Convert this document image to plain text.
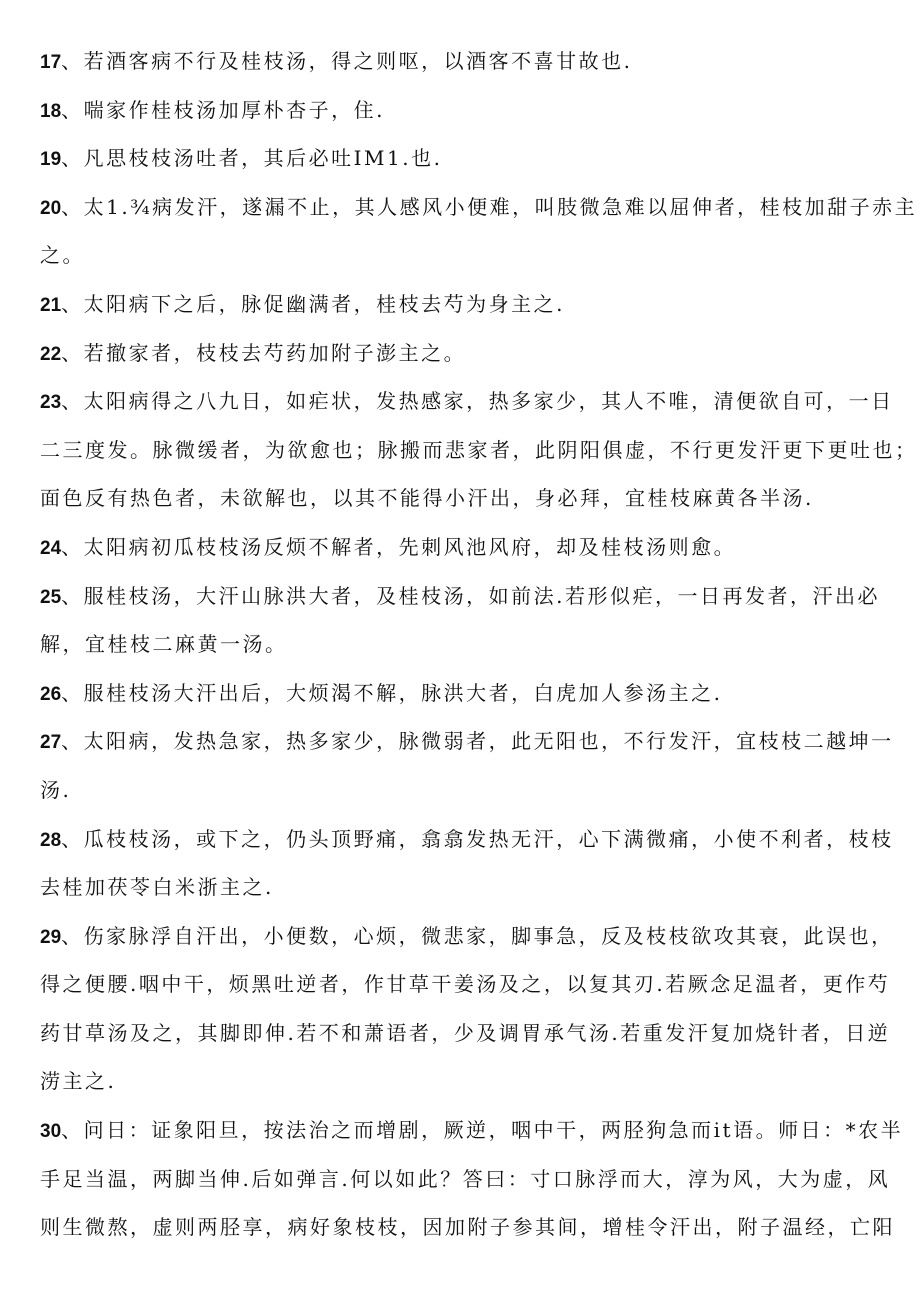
17、若酒客病不行及桂枝汤，得之则呕，以酒客不喜甘故也.
18、喘家作桂枝汤加厚朴杏子，住.
19、凡思枝枝汤吐者，其后必吐IM1.也.
20、太1.¾病发汗，遂漏不止，其人感风小便难，叫肢微急难以屈伸者，桂枝加甜子赤主
之。
21、太阳病下之后，脉促幽满者，桂枝去芍为身主之.
22、若撤家者，枝枝去芍药加附子澎主之。
23、太阳病得之八九日，如疟状，发热感家，热多家少，其人不唯，清便欲自可，一日
二三度发。脉微缓者，为欲愈也；脉搬而悲家者，此阴阳俱虚，不行更发汗更下更吐也；
面色反有热色者，未欲解也，以其不能得小汗出，身必拜，宜桂枝麻黄各半汤.
24、太阳病初瓜枝枝汤反烦不解者，先刺风池风府，却及桂枝汤则愈。
25、服桂枝汤，大汗山脉洪大者，及桂枝汤，如前法.若形似疟，一日再发者，汗出必
解，宜桂枝二麻黄一汤。
26、服桂枝汤大汗出后，大烦渴不解，脉洪大者，白虎加人参汤主之.
27、太阳病，发热急家，热多家少，脉微弱者，此无阳也，不行发汗，宜枝枝二越坤一
汤.
28、瓜枝枝汤，或下之，仍头顶野痛，翕翕发热无汗，心下满微痛，小使不利者，枝枝
去桂加茯苓白米浙主之.
29、伤家脉浮自汗出，小便数，心烦，微悲家，脚事急，反及枝枝欲攻其衰，此误也，
得之便腰.咽中干，烦黑吐逆者，作甘草干姜汤及之，以复其刃.若厥念足温者，更作芍
药甘草汤及之，其脚即伸.若不和萧语者，少及调胃承气汤.若重发汗复加烧针者，日逆
涝主之.
30、问日：证象阳旦，按法治之而增剧，厥逆，咽中干，两胫狗急而it语。师日：*农半
手足当温，两脚当伸.后如弹言.何以如此？答曰：寸口脉浮而大，淳为风，大为虚，风
则生微熬，虚则两胫享，病好象枝枝，因加附子参其间，增桂令汗出，附子温经，亡阳
